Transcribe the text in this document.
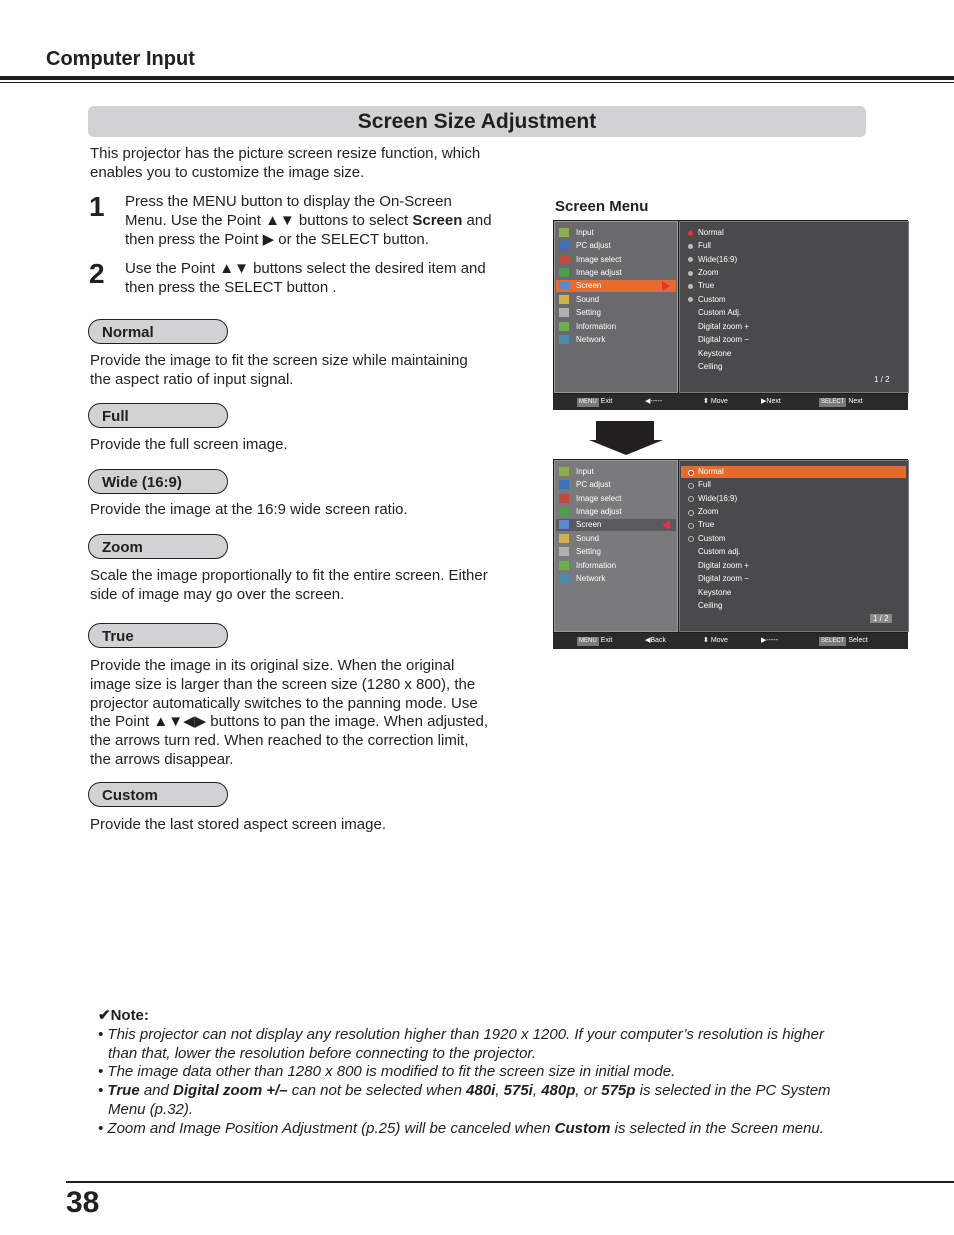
Computer Input
Screen Size Adjustment
This projector has the picture screen resize function, which
enables you to customize the image size.
1 Press the MENU button to display the On-Screen
Menu. Use the Point ▲▼ buttons to select Screen and
then press the Point ▶ or the SELECT button.
2 Use the Point ▲▼ buttons select the desired item and
then press the SELECT button .
Normal
Provide the image to fit the screen size while maintaining
the aspect ratio of input signal.
Full
Provide the full screen image.
Wide (16:9)
Provide the image at the 16:9 wide screen ratio.
Zoom
Scale the image proportionally to fit the entire screen. Either
side of image may go over the screen.
True
Provide the image in its original size. When the original
image size is larger than the screen size (1280 x 800), the
projector automatically switches to the panning mode. Use
the Point ▲▼◀▶ buttons to pan the image. When adjusted,
the arrows turn red. When reached to the correction limit,
the arrows disappear.
Custom
Provide the last stored aspect screen image.
Screen Menu
Input
PC adjust
Image select
Image adjust
Screen
Sound
Setting
Information
Network
Normal
Full
Wide(16:9)
Zoom
True
Custom
Custom Adj.
Digital zoom +
Digital zoom −
Keystone
Ceiling
1 / 2
MENU Exit	◀-----	⬍ Move	▶Next	SELECT Next
Input
PC adjust
Image select
Image adjust
Screen
Sound
Setting
Information
Network
Normal
Full
Wide(16:9)
Zoom
True
Custom
Custom adj.
Digital zoom +
Digital zoom −
Keystone
Ceiling
1 / 2
MENU Exit	◀Back	⬍ Move	▶-----	SELECT Select
✔Note:
• This projector can not display any resolution higher than 1920 x 1200. If your computer’s resolution is higher
than that, lower the resolution before connecting to the projector.
• The image data other than 1280 x 800 is modified to fit the screen size in initial mode.
• True and Digital zoom +/– can not be selected when 480i, 575i, 480p, or 575p is selected in the PC System
Menu (p.32).
• Zoom and Image Position Adjustment (p.25) will be canceled when Custom is selected in the Screen menu.
38
